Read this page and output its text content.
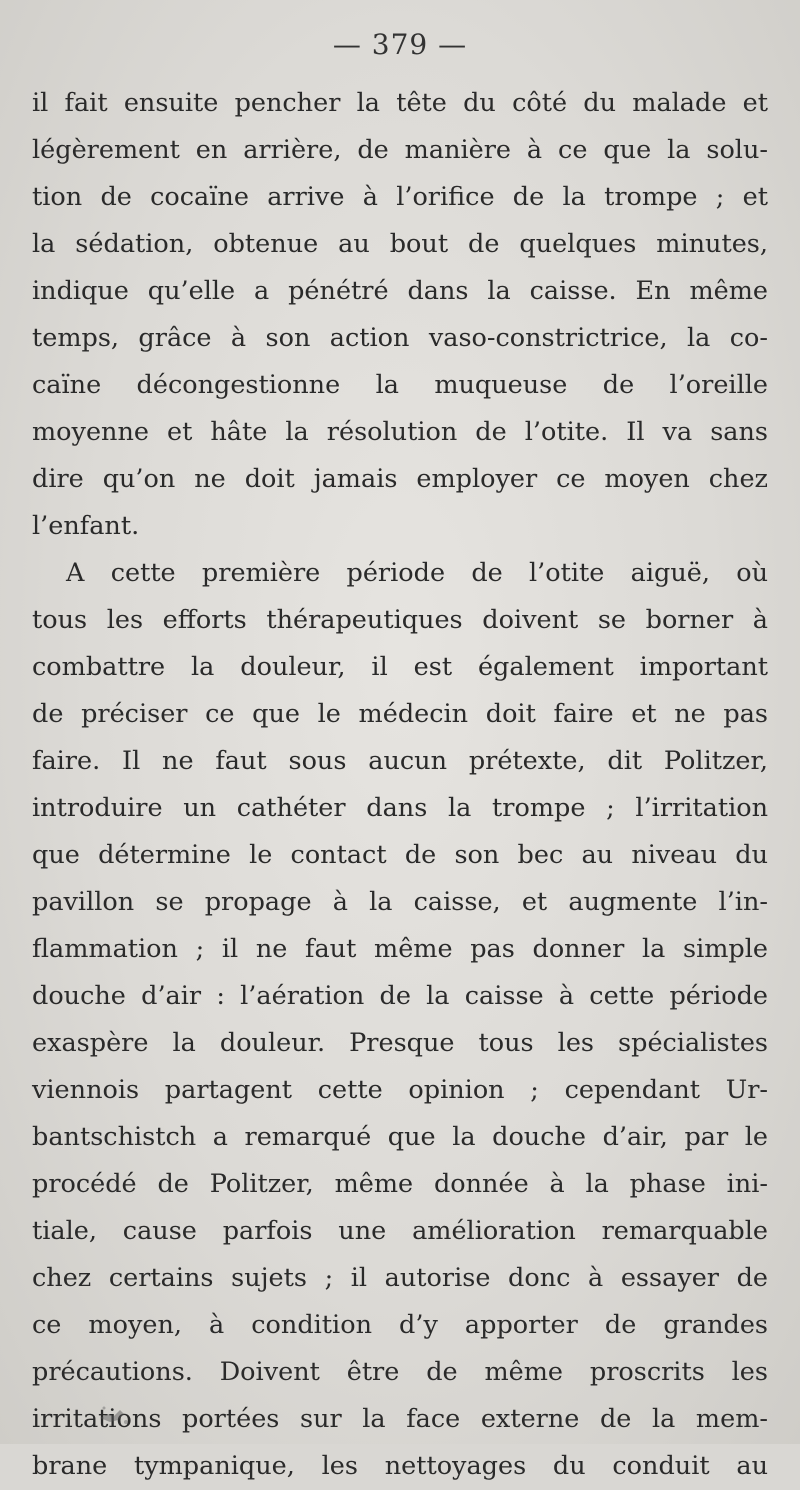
— 379 —
il fait ensuite pencher la tête du côté du malade et
légèrement en arrière, de manière à ce que la solu-
tion de cocaïne arrive à l’orifice de la trompe ; et
la sédation, obtenue au bout de quelques minutes,
indique qu’elle a pénétré dans la caisse. En même
temps, grâce à son action vaso-constrictrice, la co-
caïne décongestionne la muqueuse de l’oreille
moyenne et hâte la résolution de l’otite. Il va sans
dire qu’on ne doit jamais employer ce moyen chez
l’enfant.
A cette première période de l’otite aiguë, où
tous les efforts thérapeutiques doivent se borner à
combattre la douleur, il est également important
de préciser ce que le médecin doit faire et ne pas
faire. Il ne faut sous aucun prétexte, dit Politzer,
introduire un cathéter dans la trompe ; l’irritation
que détermine le contact de son bec au niveau du
pavillon se propage à la caisse, et augmente l’in-
flammation ; il ne faut même pas donner la simple
douche d’air : l’aération de la caisse à cette période
exaspère la douleur. Presque tous les spécialistes
viennois partagent cette opinion ; cependant Ur-
bantschistch a remarqué que la douche d’air, par le
procédé de Politzer, même donnée à la phase ini-
tiale, cause parfois une amélioration remarquable
chez certains sujets ; il autorise donc à essayer de
ce moyen, à condition d’y apporter de grandes
précautions. Doivent être de même proscrits les
irritations portées sur la face externe de la mem-
brane tympanique, les nettoyages du conduit au
